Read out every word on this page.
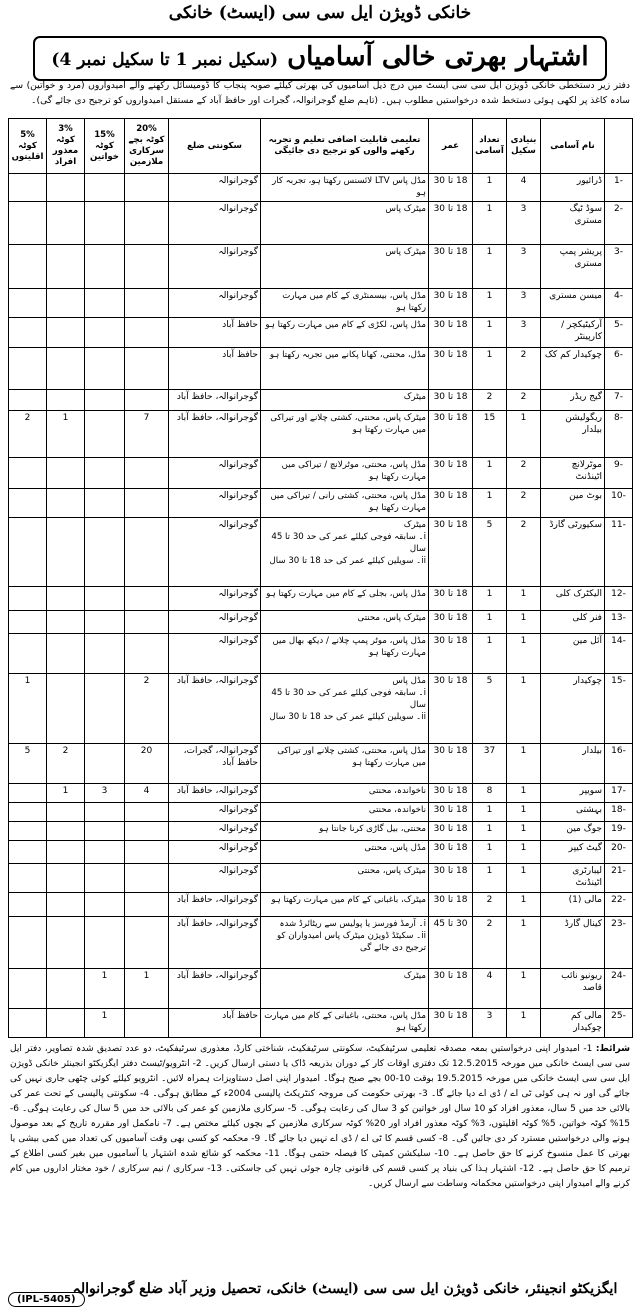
خانکی ڈویژن ایل سی سی (ایسٹ) خانکی
اشتہار بھرتی خالی آسامیاں (سکیل نمبر 1 تا سکیل نمبر 4)
دفتر زیر دستخطی خانکی ڈویژن ایل سی سی ایسٹ میں درج ذیل آسامیوں کی بھرتی کیلئے صوبہ پنجاب کا ڈومیسائل رکھنے والے امیدواروں (مرد و خواتین) سے سادہ کاغذ پر لکھی ہوئی دستخط شدہ درخواستیں مطلوب ہیں۔ (تاہم ضلع گوجرانوالہ، گجرات اور حافظ آباد کے مستقل امیدواروں کو ترجیح دی جائے گی)۔
	نام آسامی	بنیادی سکیل	تعداد آسامی	عمر	تعلیمی قابلیت اضافی تعلیم و تجربہ رکھنے والوں کو ترجیح دی جائیگی	سکونتی ضلع	20% کوٹہ بچے سرکاری ملازمین	15% کوٹہ خواتین	3% کوٹہ معذور افراد	5% کوٹہ اقلیتوں
-1	ڈرائیور	4	1	18 تا 30	مڈل پاس LTV لائسنس رکھتا ہو، تجربہ کار ہو	گوجرانوالہ				
-2	سوڈ ٹیگ مستری	3	1	18 تا 30	میٹرک پاس	گوجرانوالہ				
-3	پریشر پمپ مستری	3	1	18 تا 30	میٹرک پاس	گوجرانوالہ				
-4	میسن مستری	3	1	18 تا 30	مڈل پاس، بیسمنٹری کے کام میں مہارت رکھتا ہو	گوجرانوالہ				
-5	آرکیٹیکچر / کارپینٹر	3	1	18 تا 30	مڈل پاس، لکڑی کے کام میں مہارت رکھتا ہو	حافظ آباد				
-6	چوکیدار کم کک	2	1	18 تا 30	مڈل، محنتی، کھانا پکانے میں تجربہ رکھتا ہو	حافظ آباد				
-7	گیج ریڈر	2	2	18 تا 30	میٹرک	گوجرانوالہ، حافظ آباد				
-8	ریگولیشن بیلدار	1	15	18 تا 30	میٹرک پاس، محنتی، کشتی چلانے اور تیراکی میں مہارت رکھتا ہو	گوجرانوالہ، حافظ آباد	7		1	2
-9	موٹرلانچ اٹینڈنٹ	2	1	18 تا 30	مڈل پاس، محنتی، موٹرلانچ / تیراکی میں مہارت رکھتا ہو	گوجرانوالہ				
-10	بوٹ مین	2	1	18 تا 30	مڈل پاس، محنتی، کشتی رانی / تیراکی میں مہارت رکھتا ہو	گوجرانوالہ				
-11	سکیورٹی گارڈ	2	5	18 تا 30	میٹرک
i۔ سابقہ فوجی کیلئے عمر کی حد 30 تا 45 سال
ii۔ سویلین کیلئے عمر کی حد 18 تا 30 سال	گوجرانوالہ				
-12	الیکٹرک کلی	1	1	18 تا 30	مڈل پاس، بجلی کے کام میں مہارت رکھتا ہو	گوجرانوالہ				
-13	فنر کلی	1	1	18 تا 30	میٹرک پاس، محنتی	گوجرانوالہ				
-14	آئل مین	1	1	18 تا 30	مڈل پاس، موٹر پمپ چلانے / دیکھ بھال میں مہارت رکھتا ہو	گوجرانوالہ				
-15	چوکیدار	1	5	18 تا 30	مڈل پاس
i۔ سابقہ فوجی کیلئے عمر کی حد 30 تا 45 سال
ii۔ سویلین کیلئے عمر کی حد 18 تا 30 سال	گوجرانوالہ، حافظ آباد	2			1
-16	بیلدار	1	37	18 تا 30	مڈل پاس، محنتی، کشتی چلانے اور تیراکی میں مہارت رکھتا ہو	گوجرانوالہ، گجرات، حافظ آباد	20		2	5
-17	سویپر	1	8	18 تا 30	ناخواندہ، محنتی	گوجرانوالہ، حافظ آباد	4	3	1	
-18	بہشتی	1	1	18 تا 30	ناخواندہ، محنتی	گوجرانوالہ				
-19	جوگ مین	1	1	18 تا 30	محنتی، بیل گاڑی کرنا جانتا ہو	گوجرانوالہ				
-20	گیٹ کیپر	1	1	18 تا 30	مڈل پاس، محنتی	گوجرانوالہ				
-21	لیبارٹری اٹینڈنٹ	1	1	18 تا 30	میٹرک پاس، محنتی	گوجرانوالہ				
-22	مالی (1)	1	2	18 تا 30	میٹرک، باغبانی کے کام میں مہارت رکھتا ہو	گوجرانوالہ، حافظ آباد				
-23	کینال گارڈ	1	2	30 تا 45	i۔ آرمڈ فورسز یا پولیس سے ریٹائرڈ شدہ
ii۔ سکیٹڈ ڈویژن میٹرک پاس امیدواران کو ترجیح دی جائے گی	گوجرانوالہ، حافظ آباد				
-24	ریونیو نائب قاصد	1	4	18 تا 30	میٹرک	گوجرانوالہ، حافظ آباد	1	1		
-25	مالی کم چوکیدار	1	3	18 تا 30	مڈل پاس، محنتی، باغبانی کے کام میں مہارت رکھتا ہو	حافظ آباد		1		
شرائط: 1- امیدوار اپنی درخواستیں بمعہ مصدقہ تعلیمی سرٹیفکیٹ، سکونتی سرٹیفکیٹ، شناختی کارڈ، معذوری سرٹیفکیٹ، دو عدد تصدیق شدہ تصاویر، دفتر ایل سی سی ایسٹ خانکی میں مورخہ 12.5.2015 تک دفتری اوقات کار کے دوران بذریعہ ڈاک یا دستی ارسال کریں۔ 2- انٹرویو/ٹیسٹ دفتر ایگزیکٹو انجینئر خانکی ڈویژن ایل سی سی ایسٹ خانکی میں مورخہ 19.5.2015 بوقت 10-00 بجے صبح ہوگا۔ امیدوار اپنی اصل دستاویزات ہمراہ لائیں۔ انٹرویو کیلئے کوئی چٹھی جاری نہیں کی جائے گی اور نہ ہی کوئی ٹی اے / ڈی اے دیا جائے گا۔ 3- بھرتی حکومت کی مروجہ کنٹریکٹ پالیسی 2004ء کے مطابق ہوگی۔ 4- سکونتی پالیسی کے تحت عمر کی بالائی حد میں 5 سال، معذور افراد کو 10 سال اور خواتین کو 3 سال کی رعایت ہوگی۔ 5- سرکاری ملازمین کو عمر کی بالائی حد میں 5 سال کی رعایت ہوگی۔ 6- 15% کوٹہ خواتین، 5% کوٹہ اقلیتوں، 3% کوٹہ معذور افراد اور 20% کوٹہ سرکاری ملازمین کے بچوں کیلئے مختص ہے۔ 7- نامکمل اور مقررہ تاریخ کے بعد موصول ہونے والی درخواستیں مسترد کر دی جائیں گی۔ 8- کسی قسم کا ٹی اے / ڈی اے نہیں دیا جائے گا۔ 9- محکمہ کو کسی بھی وقت آسامیوں کی تعداد میں کمی بیشی یا بھرتی کا عمل منسوخ کرنے کا حق حاصل ہے۔ 10- سلیکشن کمیٹی کا فیصلہ حتمی ہوگا۔ 11- محکمہ کو شائع شدہ اشتہار یا آسامیوں میں بغیر کسی اطلاع کے ترمیم کا حق حاصل ہے۔ 12- اشتہار ہذا کی بنیاد پر کسی قسم کی قانونی چارہ جوئی نہیں کی جاسکتی۔ 13- سرکاری / نیم سرکاری / خود مختار اداروں میں کام کرنے والے امیدوار اپنی درخواستیں محکمانہ وساطت سے ارسال کریں۔
ایگزیکٹو انجینئر، خانکی ڈویژن ایل سی سی (ایسٹ) خانکی، تحصیل وزیر آباد ضلع گوجرانوالہ
(IPL-5405)
